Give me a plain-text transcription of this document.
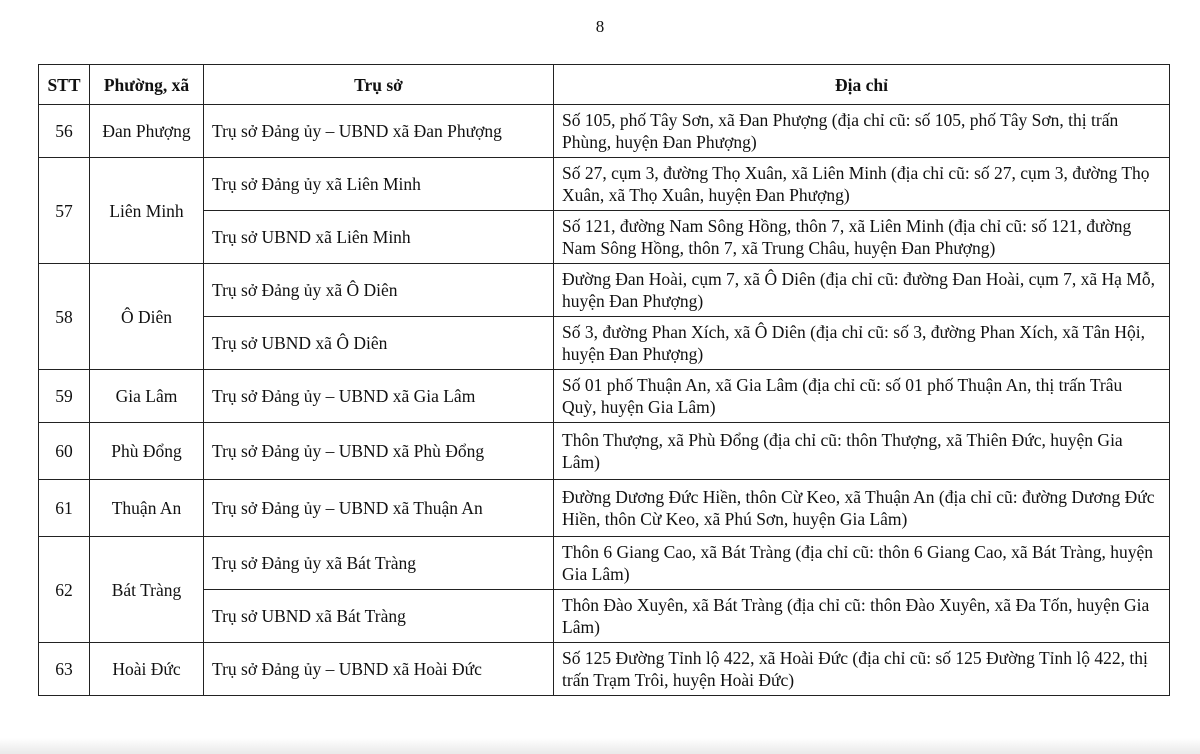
8
STT	Phường, xã	Trụ sở	Địa chỉ
56	Đan Phượng	Trụ sở Đảng ủy – UBND xã Đan Phượng	Số 105, phố Tây Sơn, xã Đan Phượng (địa chỉ cũ: số 105, phố Tây Sơn, thị trấn Phùng, huyện Đan Phượng)
57	Liên Minh	Trụ sở Đảng ủy xã Liên Minh	Số 27, cụm 3, đường Thọ Xuân, xã Liên Minh (địa chỉ cũ: số 27, cụm 3, đường Thọ Xuân, xã Thọ Xuân, huyện Đan Phượng)
		Trụ sở UBND xã Liên Minh	Số 121, đường Nam Sông Hồng, thôn 7, xã Liên Minh (địa chỉ cũ: số 121, đường Nam Sông Hồng, thôn 7, xã Trung Châu, huyện Đan Phượng)
58	Ô Diên	Trụ sở Đảng ủy xã Ô Diên	Đường Đan Hoài, cụm 7, xã Ô Diên (địa chỉ cũ: đường Đan Hoài, cụm 7, xã Hạ Mỗ, huyện Đan Phượng)
		Trụ sở UBND xã Ô Diên	Số 3, đường Phan Xích, xã Ô Diên (địa chỉ cũ: số 3, đường Phan Xích, xã Tân Hội, huyện Đan Phượng)
59	Gia Lâm	Trụ sở Đảng ủy – UBND xã Gia Lâm	Số 01 phố Thuận An, xã Gia Lâm (địa chỉ cũ: số 01 phố Thuận An, thị trấn Trâu Quỳ, huyện Gia Lâm)
60	Phù Đổng	Trụ sở Đảng ủy – UBND xã Phù Đổng	Thôn Thượng, xã Phù Đổng (địa chỉ cũ: thôn Thượng, xã Thiên Đức, huyện Gia Lâm)
61	Thuận An	Trụ sở Đảng ủy – UBND xã Thuận An	Đường Dương Đức Hiền, thôn Cừ Keo, xã Thuận An (địa chỉ cũ: đường Dương Đức Hiền, thôn Cừ Keo, xã Phú Sơn, huyện Gia Lâm)
62	Bát Tràng	Trụ sở Đảng ủy xã Bát Tràng	Thôn 6 Giang Cao, xã Bát Tràng (địa chỉ cũ: thôn 6 Giang Cao, xã Bát Tràng, huyện Gia Lâm)
		Trụ sở UBND xã Bát Tràng	Thôn Đào Xuyên, xã Bát Tràng (địa chỉ cũ: thôn Đào Xuyên, xã Đa Tốn, huyện Gia Lâm)
63	Hoài Đức	Trụ sở Đảng ủy – UBND xã Hoài Đức	Số 125 Đường Tỉnh lộ 422, xã Hoài Đức (địa chỉ cũ: số 125 Đường Tỉnh lộ 422, thị trấn Trạm Trôi, huyện Hoài Đức)
